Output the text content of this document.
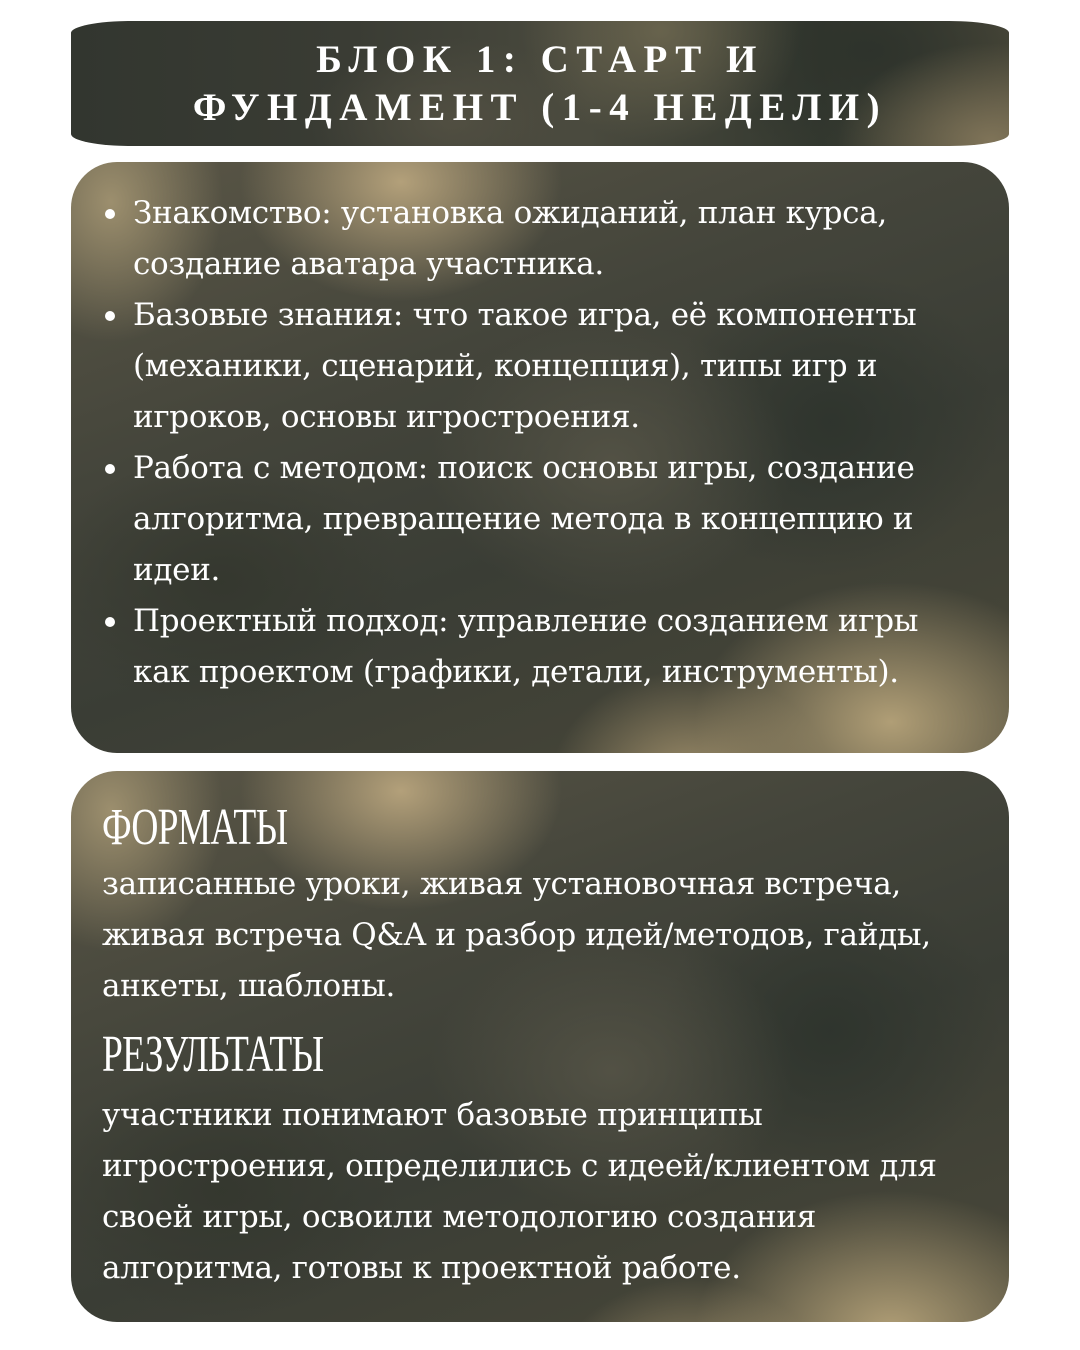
БЛОК 1: СТАРТ И
ФУНДАМЕНТ (1-4 НЕДЕЛИ)
Знакомство: установка ожиданий, план курса, создание аватара участника.
Базовые знания: что такое игра, её компоненты (механики, сценарий, концепция), типы игр и игроков, основы игростроения.
Работа с методом: поиск основы игры, создание алгоритма, превращение метода в концепцию и идеи.
Проектный подход: управление созданием игры как проектом (графики, детали, инструменты).
ФОРМАТЫ

записанные уроки, живая установочная встреча, живая встреча Q&A и разбор идей/методов, гайды, анкеты, шаблоны.

РЕЗУЛЬТАТЫ

участники понимают базовые принципы игростроения, определились с идеей/клиентом для своей игры, освоили методологию создания алгоритма, готовы к проектной работе.
